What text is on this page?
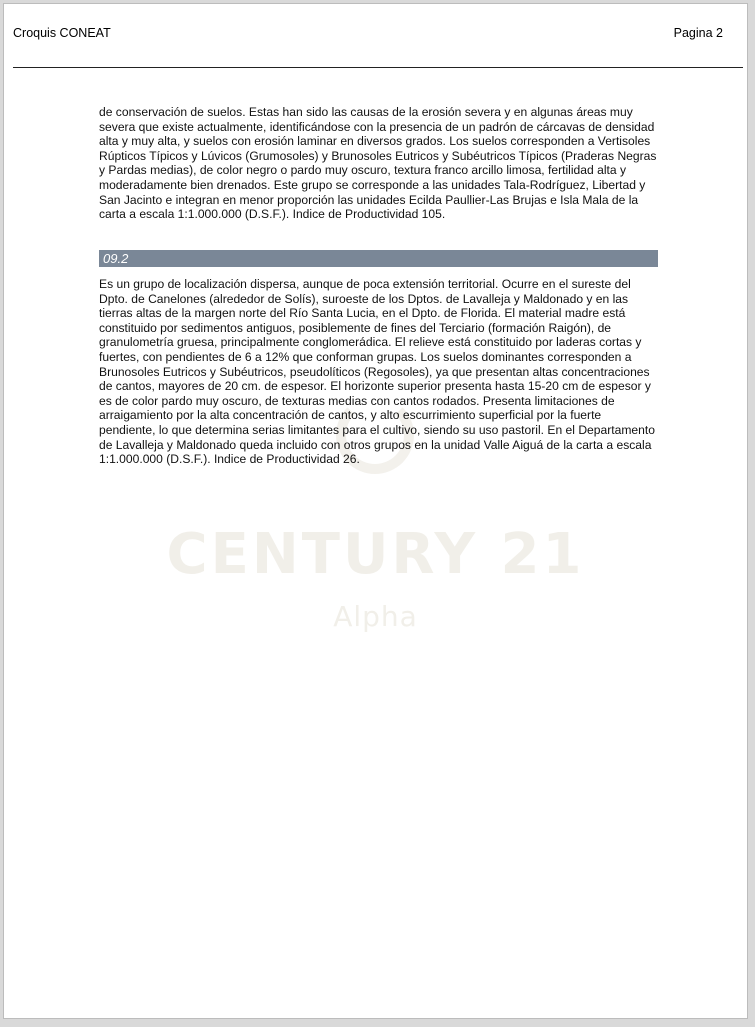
Croquis CONEAT	Pagina 2
CENTURY 21
Alpha
de conservación de suelos. Estas han sido las causas de la erosión severa y en algunas áreas muy severa que existe actualmente, identificándose con la presencia de un padrón de cárcavas de densidad alta y muy alta, y suelos con erosión laminar en diversos grados. Los suelos corresponden a Vertisoles Rúpticos Típicos y Lúvicos (Grumosoles) y Brunosoles Eutricos y Subéutricos Típicos (Praderas Negras y Pardas medias), de color negro o pardo muy oscuro, textura franco arcillo limosa, fertilidad alta y moderadamente bien drenados. Este grupo se corresponde a las unidades Tala-Rodríguez, Libertad y San Jacinto e integran en menor proporción las unidades Ecilda Paullier-Las Brujas e Isla Mala de la carta a escala 1:1.000.000 (D.S.F.). Indice de Productividad 105.
09.2
Es un grupo de localización dispersa, aunque de poca extensión territorial. Ocurre en el sureste del Dpto. de Canelones (alrededor de Solís), suroeste de los Dptos. de Lavalleja y Maldonado y en las tierras altas de la margen norte del Río Santa Lucia, en el Dpto. de Florida. El material madre está constituido por sedimentos antiguos, posiblemente de fines del Terciario (formación Raigón), de granulometría gruesa, principalmente conglomerádica. El relieve está constituido por laderas cortas y fuertes, con pendientes de 6 a 12% que conforman grupas. Los suelos dominantes corresponden a Brunosoles Eutricos y Subéutricos, pseudolíticos (Regosoles), ya que presentan altas concentraciones de cantos, mayores de 20 cm. de espesor. El horizonte superior presenta hasta 15-20 cm de espesor y es de color pardo muy oscuro, de texturas medias con cantos rodados. Presenta limitaciones de arraigamiento por la alta concentración de cantos, y alto escurrimiento superficial por la fuerte pendiente, lo que determina serias limitantes para el cultivo, siendo su uso pastoril. En el Departamento de Lavalleja y Maldonado queda incluido con otros grupos en la unidad Valle Aiguá de la carta a escala 1:1.000.000 (D.S.F.). Indice de Productividad 26.
